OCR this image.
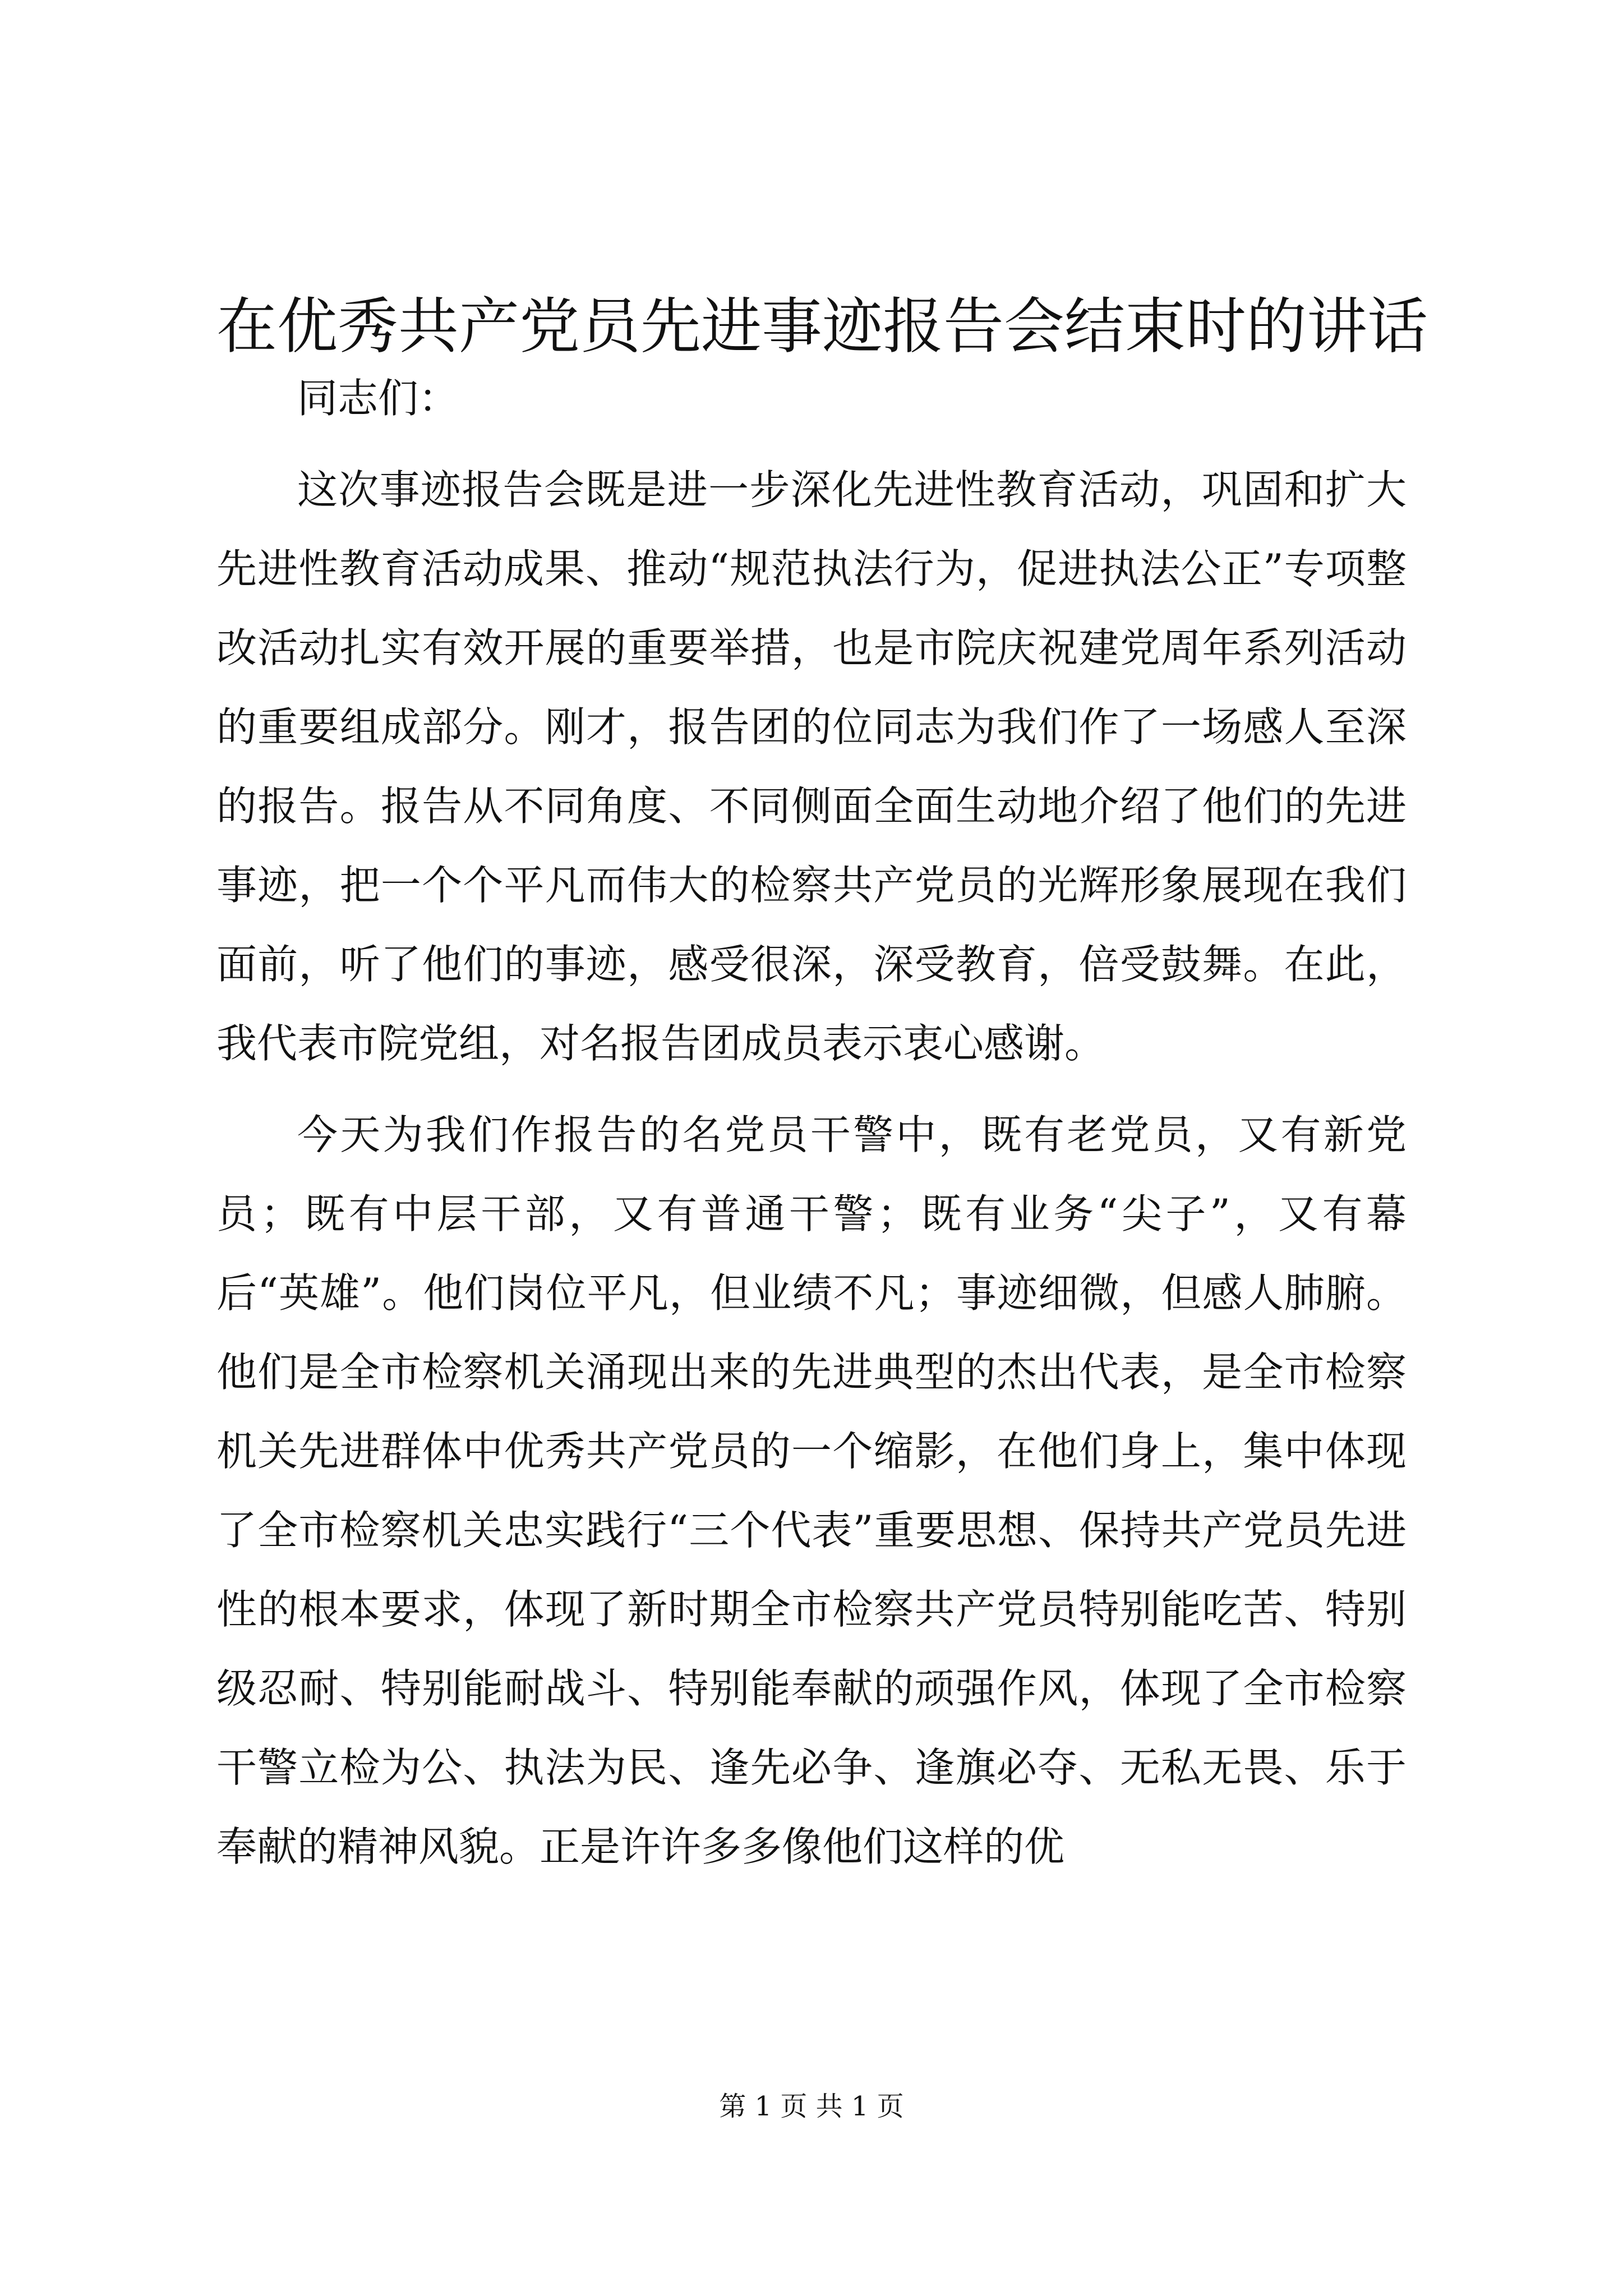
在优秀共产党员先进事迹报告会结束时的讲话

同志们：

这次事迹报告会既是进一步深化先进性教育活动，巩固和扩大先进性教育活动成果、推动“规范执法行为，促进执法公正”专项整改活动扎实有效开展的重要举措，也是市院庆祝建党周年系列活动的重要组成部分。刚才，报告团的位同志为我们作了一场感人至深的报告。报告从不同角度、不同侧面全面生动地介绍了他们的先进事迹，把一个个平凡而伟大的检察共产党员的光辉形象展现在我们面前，听了他们的事迹，感受很深，深受教育，倍受鼓舞。在此，我代表市院党组，对名报告团成员表示衷心感谢。

今天为我们作报告的名党员干警中，既有老党员，又有新党员；既有中层干部，又有普通干警；既有业务“尖子”，又有幕后“英雄”。他们岗位平凡，但业绩不凡；事迹细微，但感人肺腑。他们是全市检察机关涌现出来的先进典型的杰出代表，是全市检察机关先进群体中优秀共产党员的一个缩影，在他们身上，集中体现了全市检察机关忠实践行“三个代表”重要思想、保持共产党员先进性的根本要求，体现了新时期全市检察共产党员特别能吃苦、特别级忍耐、特别能耐战斗、特别能奉献的顽强作风，体现了全市检察干警立检为公、执法为民、逢先必争、逢旗必夺、无私无畏、乐于奉献的精神风貌。正是许许多多像他们这样的优

第 1 页 共 1 页
